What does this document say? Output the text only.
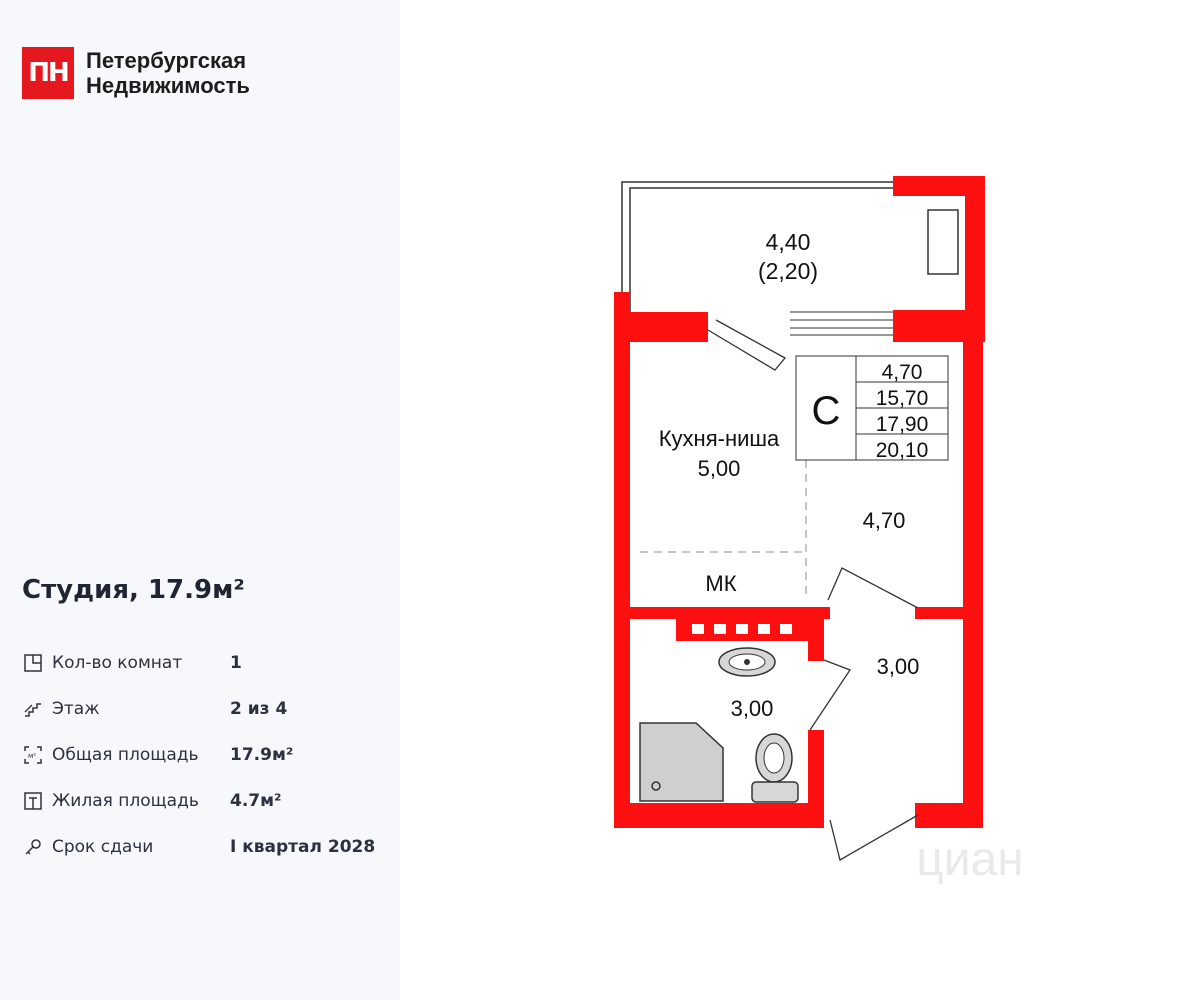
ПН Петербургская
Недвижимость
Студия, 17.9м²
Кол-во комнат	1
Этаж	2 из 4
м² Общая площадь	17.9м²
Жилая площадь	4.7м²
Срок сдачи	I квартал 2028
4,40
(2,20)
С
4,70
15,70
17,90
20,10
Кухня-ниша
5,00
4,70
МК
3,00
3,00
циан
